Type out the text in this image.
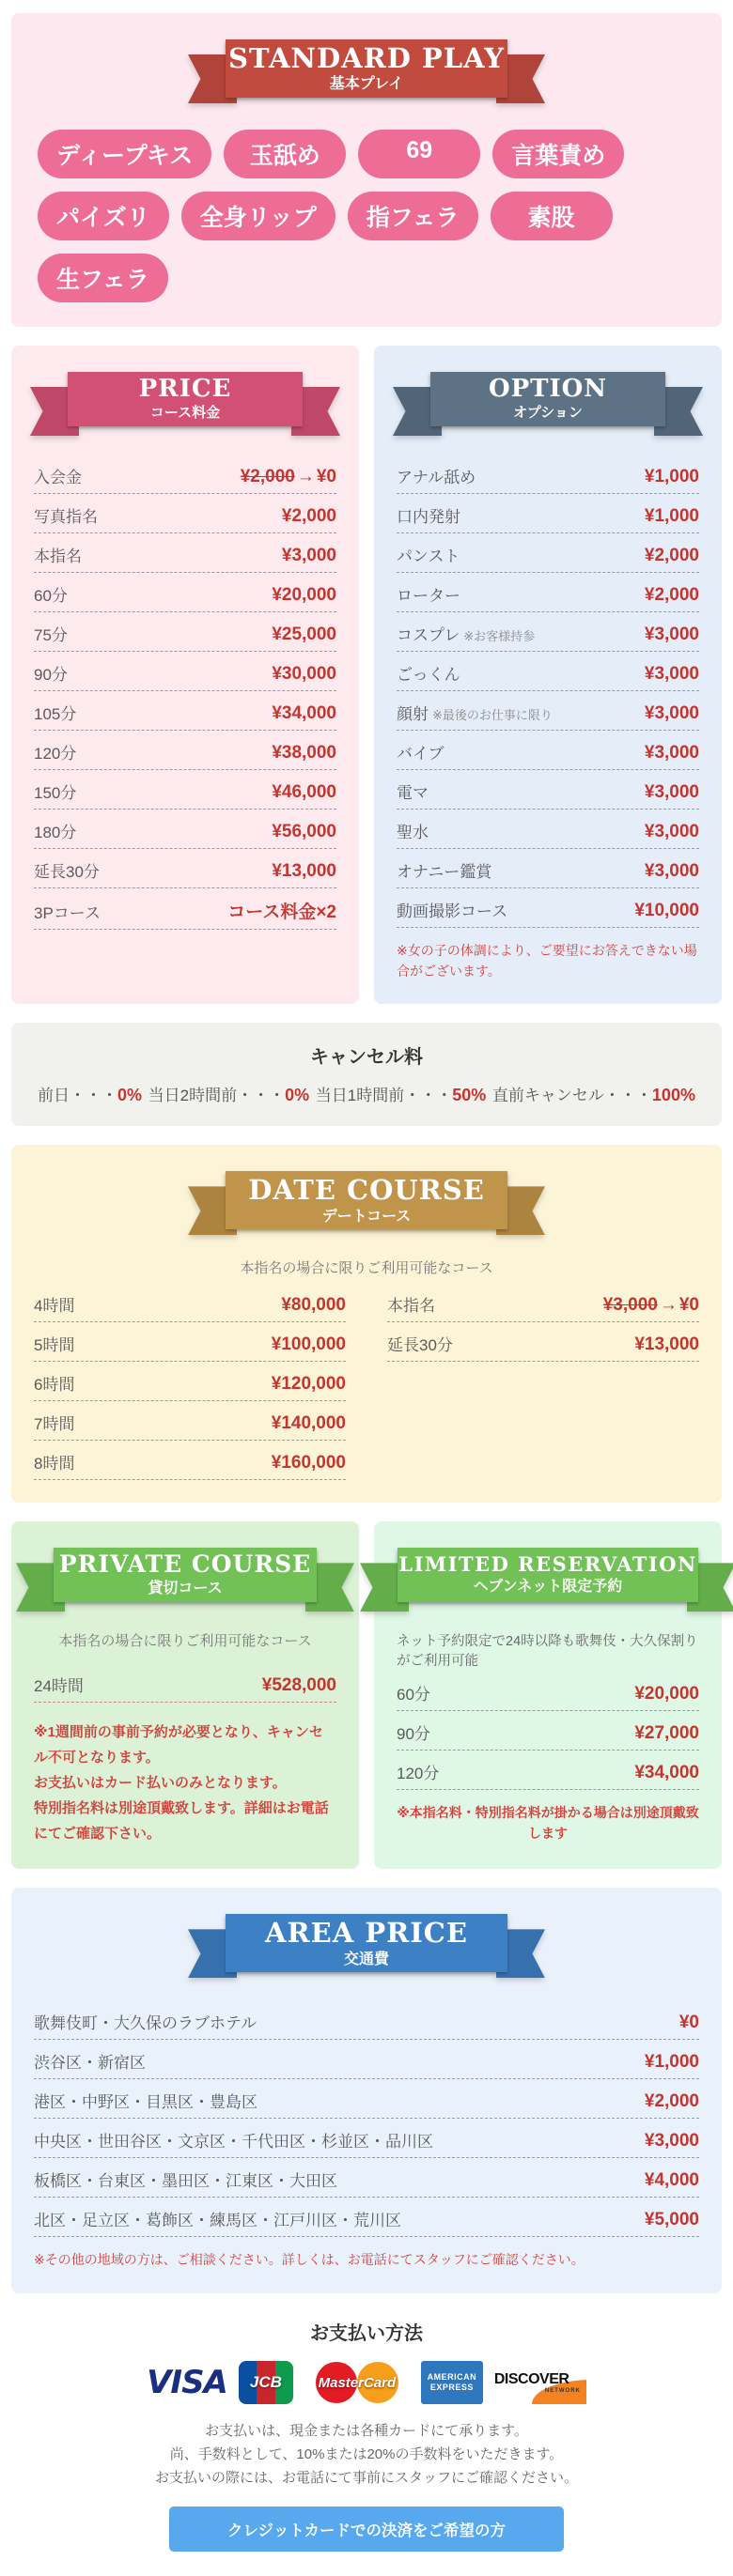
STANDARD PLAY
基本プレイ
ディープキス	玉舐め	69	言葉責め
パイズリ	全身リップ	指フェラ	素股
生フェラ
PRICE
コース料金
入会金	¥2,000 → ¥0
写真指名	¥2,000
本指名	¥3,000
60分	¥20,000
75分	¥25,000
90分	¥30,000
105分	¥34,000
120分	¥38,000
150分	¥46,000
180分	¥56,000
延長30分	¥13,000
3Pコース	コース料金×2
OPTION
オプション
アナル舐め	¥1,000
口内発射	¥1,000
パンスト	¥2,000
ローター	¥2,000
コスプレ ※お客様持参	¥3,000
ごっくん	¥3,000
顔射 ※最後のお仕事に限り	¥3,000
バイブ	¥3,000
電マ	¥3,000
聖水	¥3,000
オナニー鑑賞	¥3,000
動画撮影コース	¥10,000
※女の子の体調により、ご要望にお答えできない場合がございます。
キャンセル料
前日・・・0% 当日2時間前・・・0% 当日1時間前・・・50% 直前キャンセル・・・100%
DATE COURSE
デートコース
本指名の場合に限りご利用可能なコース
4時間	¥80,000
5時間	¥100,000
6時間	¥120,000
7時間	¥140,000
8時間	¥160,000
本指名	¥3,000 → ¥0
延長30分	¥13,000
PRIVATE COURSE
貸切コース
本指名の場合に限りご利用可能なコース
24時間	¥528,000
※1週間前の事前予約が必要となり、キャンセル不可となります。
お支払いはカード払いのみとなります。
特別指名料は別途頂戴致します。詳細はお電話にてご確認下さい。
LIMITED RESERVATION
ヘブンネット限定予約
ネット予約限定で24時以降も歌舞伎・大久保割りがご利用可能
60分	¥20,000
90分	¥27,000
120分	¥34,000
※本指名料・特別指名料が掛かる場合は別途頂戴致します
AREA PRICE
交通費
歌舞伎町・大久保のラブホテル	¥0
渋谷区・新宿区	¥1,000
港区・中野区・目黒区・豊島区	¥2,000
中央区・世田谷区・文京区・千代田区・杉並区・品川区	¥3,000
板橋区・台東区・墨田区・江東区・大田区	¥4,000
北区・足立区・葛飾区・練馬区・江戸川区・荒川区	¥5,000
※その他の地域の方は、ご相談ください。詳しくは、お電話にてスタッフにご確認ください。
お支払い方法
VISA	JCB	MasterCard	AMERICAN
EXPRESS DISCOVER
NETWORK
お支払いは、現金または各種カードにて承ります。
尚、手数料として、10%または20%の手数料をいただきます。
お支払いの際には、お電話にて事前にスタッフにご確認ください。
クレジットカードでの決済をご希望の方
